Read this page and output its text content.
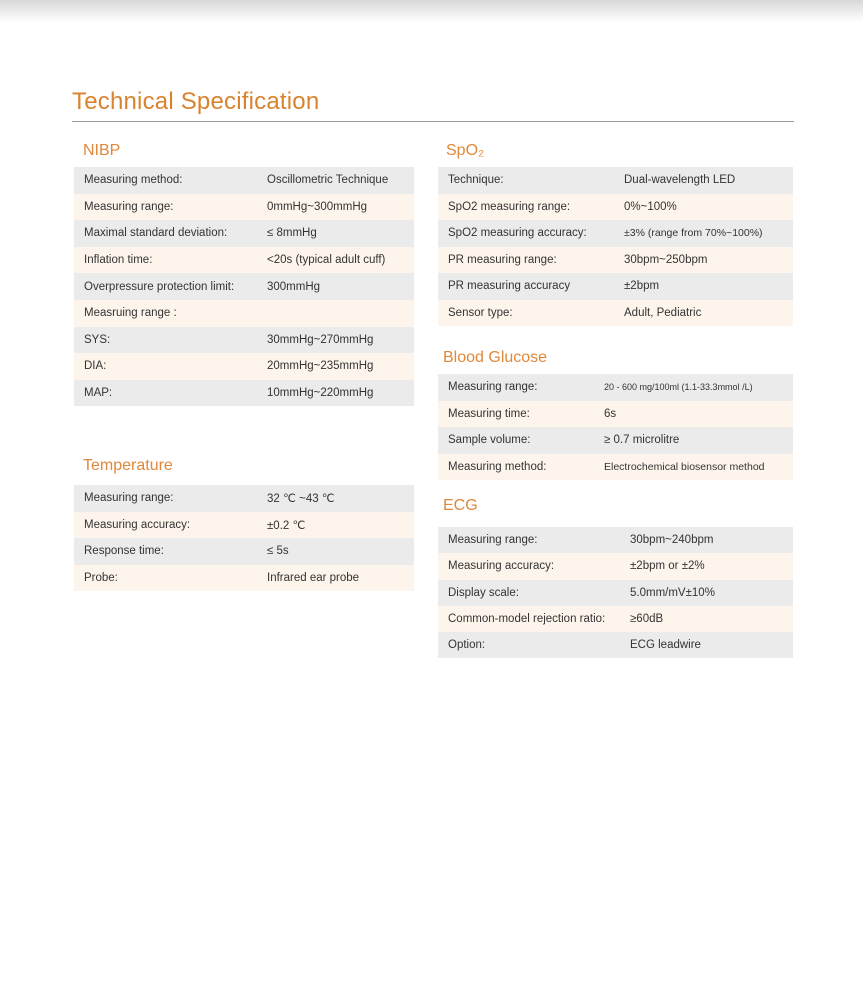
Technical Specification
NIBP
Measuring method:	Oscillometric Technique
Measuring range:	0mmHg~300mmHg
Maximal standard deviation:	≤ 8mmHg
Inflation time:	<20s (typical adult cuff)
Overpressure protection limit:	300mmHg
Measruing range :	
SYS:	30mmHg~270mmHg
DIA:	20mmHg~235mmHg
MAP:	10mmHg~220mmHg
Temperature
Measuring range:	32 ℃ ~43 ℃
Measuring accuracy:	±0.2 ℃
Response time:	≤ 5s
Probe:	Infrared ear probe
SpO₂
Technique:	Dual-wavelength LED
SpO2 measuring range:	0%~100%
SpO2 measuring accuracy:	±3% (range from 70%~100%)
PR measuring range:	30bpm~250bpm
PR measuring accuracy	±2bpm
Sensor type:	Adult, Pediatric
Blood Glucose
Measuring range:	20 - 600 mg/100ml (1.1-33.3mmol /L)
Measuring time:	6s
Sample volume:	≥ 0.7 microlitre
Measuring method:	Electrochemical biosensor method
ECG
Measuring range:	30bpm~240bpm
Measuring accuracy:	±2bpm or ±2%
Display scale:	5.0mm/mV±10%
Common-model rejection ratio:	≥60dB
Option:	ECG leadwire
